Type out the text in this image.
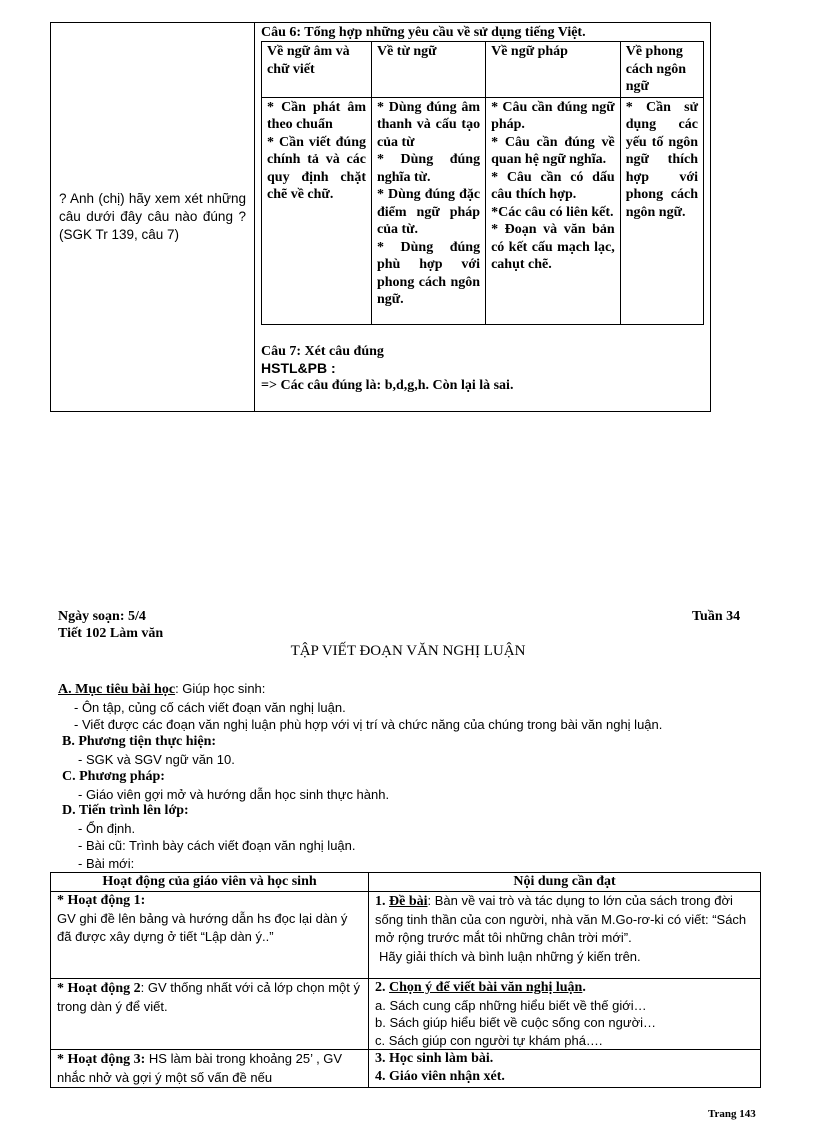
? Anh (chị) hãy xem xét những câu dưới đây câu nào đúng ? (SGK Tr 139, câu 7)	
Câu 6: Tổng hợp những yêu cầu về sử dụng tiếng Việt.
Về ngữ âm và chữ viết	Về từ ngữ	Về ngữ pháp	Về phong cách ngôn ngữ

* Cần phát âm theo chuẩn
* Cần viết đúng chính tả và các quy định chặt chẽ về chữ.

* Dùng đúng âm thanh và cấu tạo của từ
* Dùng đúng nghĩa từ.
* Dùng đúng đặc điểm ngữ pháp của từ.
* Dùng đúng phù hợp với phong cách ngôn ngữ.

* Câu cần đúng ngữ pháp.
* Câu cần đúng về quan hệ ngữ nghĩa.
* Câu cần có dấu câu thích hợp.
*Các câu có liên kết.
* Đoạn và văn bản có kết cấu mạch lạc, cahụt chẽ.

* Cần sử dụng các yếu tố ngôn ngữ thích hợp với phong cách ngôn ngữ.
Câu 7: Xét câu đúng
HSTL&PB :
=> Các câu đúng là: b,d,g,h. Còn lại là sai.
Ngày soạn: 5/4	Tuần 34
Tiết 102 Làm văn
TẬP VIẾT ĐOẠN VĂN NGHỊ LUẬN
A. Mục tiêu bài học: Giúp học sinh:
- Ôn tập, củng cố cách viết đoạn văn nghị luận.
- Viết được các đoạn văn nghị luận phù hợp với vị trí và chức năng của chúng trong bài văn nghị luận.
B. Phương tiện thực hiện:
- SGK và SGV ngữ văn 10.
C. Phương pháp:
- Giáo viên gợi mở và hướng dẫn học sinh thực hành.
D. Tiến trình lên lớp:
- Ổn định.
- Bài cũ: Trình bày cách viết đoạn văn nghị luận.
- Bài mới:
Hoạt động của giáo viên và học sinh	Nội dung cần đạt

* Hoạt động 1:
GV ghi đề lên bảng và hướng dẫn hs đọc lại dàn ý đã được xây dựng ở tiết “Lập dàn ý..”	1. Đề bài: Bàn về vai trò và tác dụng to lớn của sách trong đời sống tinh thần của con người, nhà văn M.Go-rơ-ki có viết: “Sách mở rộng trước mắt tôi những chân trời mới”.
Hãy giải thích và bình luận những ý kiến trên.

* Hoạt động 2: GV thống nhất với cả lớp chọn một ý trong dàn ý để viết.	2. Chọn ý để viết bài văn nghị luận.
a. Sách cung cấp những hiểu biết về thế giới…
b. Sách giúp hiểu biết về cuộc sống con người…
c. Sách giúp con người tự khám phá….

* Hoạt động 3: HS làm bài trong khoảng 25’ , GV nhắc nhở và gợi ý một số vấn đề nếu	3. Học sinh làm bài.
4. Giáo viên nhận xét.
Trang 143
